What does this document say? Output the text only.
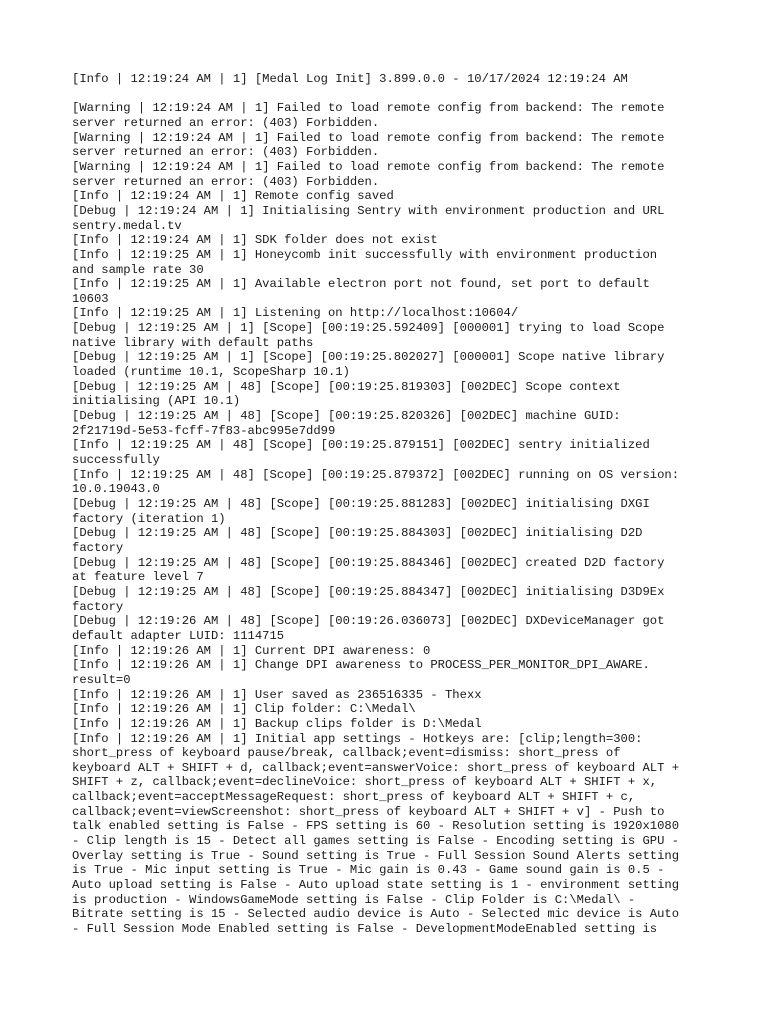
[Info | 12:19:24 AM | 1] [Medal Log Init] 3.899.0.0 - 10/17/2024 12:19:24 AM

[Warning | 12:19:24 AM | 1] Failed to load remote config from backend: The remote
server returned an error: (403) Forbidden.

[Warning | 12:19:24 AM | 1] Failed to load remote config from backend: The remote
server returned an error: (403) Forbidden.

[Warning | 12:19:24 AM | 1] Failed to load remote config from backend: The remote
server returned an error: (403) Forbidden.

[Info | 12:19:24 AM | 1] Remote config saved

[Debug | 12:19:24 AM | 1] Initialising Sentry with environment production and URL
sentry.medal.tv

[Info | 12:19:24 AM | 1] SDK folder does not exist

[Info | 12:19:25 AM | 1] Honeycomb init successfully with environment production
and sample rate 30

[Info | 12:19:25 AM | 1] Available electron port not found, set port to default
10603

[Info | 12:19:25 AM | 1] Listening on http://localhost:10604/

[Debug | 12:19:25 AM | 1] [Scope] [00:19:25.592409] [000001] trying to load Scope
native library with default paths

[Debug | 12:19:25 AM | 1] [Scope] [00:19:25.802027] [000001] Scope native library
loaded (runtime 10.1, ScopeSharp 10.1)

[Debug | 12:19:25 AM | 48] [Scope] [00:19:25.819303] [002DEC] Scope context
initialising (API 10.1)

[Debug | 12:19:25 AM | 48] [Scope] [00:19:25.820326] [002DEC] machine GUID:
2f21719d-5e53-fcff-7f83-abc995e7dd99

[Info | 12:19:25 AM | 48] [Scope] [00:19:25.879151] [002DEC] sentry initialized
successfully

[Info | 12:19:25 AM | 48] [Scope] [00:19:25.879372] [002DEC] running on OS version:
10.0.19043.0

[Debug | 12:19:25 AM | 48] [Scope] [00:19:25.881283] [002DEC] initialising DXGI
factory (iteration 1)

[Debug | 12:19:25 AM | 48] [Scope] [00:19:25.884303] [002DEC] initialising D2D
factory

[Debug | 12:19:25 AM | 48] [Scope] [00:19:25.884346] [002DEC] created D2D factory
at feature level 7

[Debug | 12:19:25 AM | 48] [Scope] [00:19:25.884347] [002DEC] initialising D3D9Ex
factory

[Debug | 12:19:26 AM | 48] [Scope] [00:19:26.036073] [002DEC] DXDeviceManager got
default adapter LUID: 1114715

[Info | 12:19:26 AM | 1] Current DPI awareness: 0

[Info | 12:19:26 AM | 1] Change DPI awareness to PROCESS_PER_MONITOR_DPI_AWARE.
result=0

[Info | 12:19:26 AM | 1] User saved as 236516335 - Thexx

[Info | 12:19:26 AM | 1] Clip folder: C:\Medal\

[Info | 12:19:26 AM | 1] Backup clips folder is D:\Medal

[Info | 12:19:26 AM | 1] Initial app settings - Hotkeys are: [clip;length=300:
short_press of keyboard pause/break, callback;event=dismiss: short_press of
keyboard ALT + SHIFT + d, callback;event=answerVoice: short_press of keyboard ALT +
SHIFT + z, callback;event=declineVoice: short_press of keyboard ALT + SHIFT + x,
callback;event=acceptMessageRequest: short_press of keyboard ALT + SHIFT + c,
callback;event=viewScreenshot: short_press of keyboard ALT + SHIFT + v] - Push to
talk enabled setting is False - FPS setting is 60 - Resolution setting is 1920x1080
- Clip length is 15 - Detect all games setting is False - Encoding setting is GPU -
Overlay setting is True - Sound setting is True - Full Session Sound Alerts setting
is True - Mic input setting is True - Mic gain is 0.43 - Game sound gain is 0.5 -
Auto upload setting is False - Auto upload state setting is 1 - environment setting
is production - WindowsGameMode setting is False - Clip Folder is C:\Medal\ -
Bitrate setting is 15 - Selected audio device is Auto - Selected mic device is Auto
- Full Session Mode Enabled setting is False - DevelopmentModeEnabled setting is
